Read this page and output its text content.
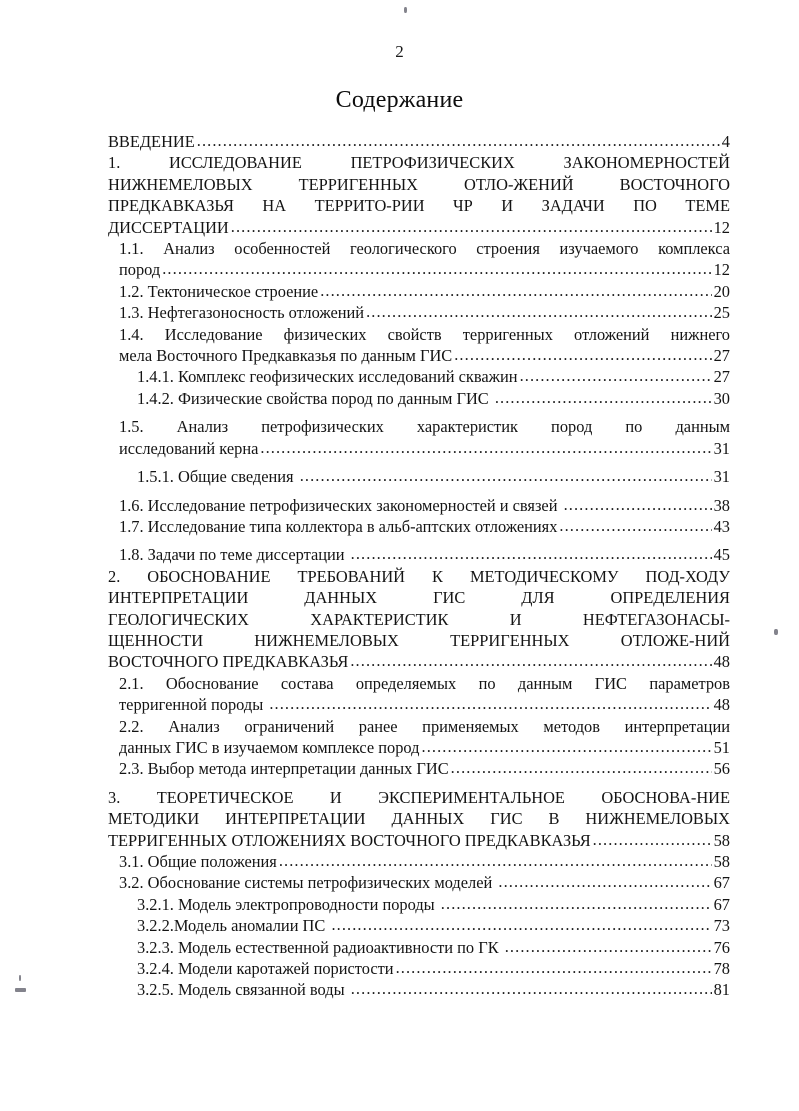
2
Содержание
ВВЕДЕНИЕ .....	4
1. ИССЛЕДОВАНИЕ ПЕТРОФИЗИЧЕСКИХ ЗАКОНОМЕРНОСТЕЙ
НИЖНЕМЕЛОВЫХ ТЕРРИГЕННЫХ ОТЛО-ЖЕНИЙ ВОСТОЧНОГО
ПРЕДКАВКАЗЬЯ НА ТЕРРИТО-РИИ ЧР И ЗАДАЧИ ПО ТЕМЕ
ДИССЕРТАЦИИ .....	12
1.1. Анализ особенностей геологического строения изучаемого комплекса
пород .....	12
1.2. Тектоническое строение .....	20
1.3. Нефтегазоносность отложений .....	25
1.4. Исследование физических свойств терригенных отложений нижнего
мела Восточного Предкавказья по данным ГИС .....	27
1.4.1. Комплекс геофизических исследований скважин .....	27
1.4.2. Физические свойства пород по данным ГИС .....	30
1.5. Анализ петрофизических характеристик пород по данным
исследований керна .....	31
1.5.1. Общие сведения .....	31
1.6. Исследование петрофизических закономерностей и связей .....	38
1.7. Исследование типа коллектора в альб-аптских отложениях .....	43
1.8. Задачи по теме диссертации .....	45
2. ОБОСНОВАНИЕ ТРЕБОВАНИЙ К МЕТОДИЧЕСКОМУ ПОД-ХОДУ
ИНТЕРПРЕТАЦИИ ДАННЫХ ГИС ДЛЯ ОПРЕДЕЛЕНИЯ
ГЕОЛОГИЧЕСКИХ ХАРАКТЕРИСТИК И НЕФТЕГАЗОНАСЫ-
ЩЕННОСТИ НИЖНЕМЕЛОВЫХ ТЕРРИГЕННЫХ ОТЛОЖЕ-НИЙ
ВОСТОЧНОГО ПРЕДКАВКАЗЬЯ .....	48
2.1. Обоснование состава определяемых по данным ГИС параметров
терригенной породы .....	48
2.2. Анализ ограничений ранее применяемых методов интерпретации
данных ГИС в изучаемом комплексе пород .....	51
2.3. Выбор метода интерпретации данных ГИС .....	56
3. ТЕОРЕТИЧЕСКОЕ И ЭКСПЕРИМЕНТАЛЬНОЕ ОБОСНОВА-НИЕ
МЕТОДИКИ ИНТЕРПРЕТАЦИИ ДАННЫХ ГИС В НИЖНЕМЕЛОВЫХ
ТЕРРИГЕННЫХ ОТЛОЖЕНИЯХ ВОСТОЧНОГО ПРЕДКАВКАЗЬЯ .....	58
3.1. Общие положения .....	58
3.2. Обоснование системы петрофизических моделей .....	67
3.2.1. Модель электропроводности породы .....	67
3.2.2.Модель аномалии ПС .....	73
3.2.3. Модель естественной радиоактивности по ГК .....	76
3.2.4. Модели каротажей пористости .....	78
3.2.5. Модель связанной воды .....	81
